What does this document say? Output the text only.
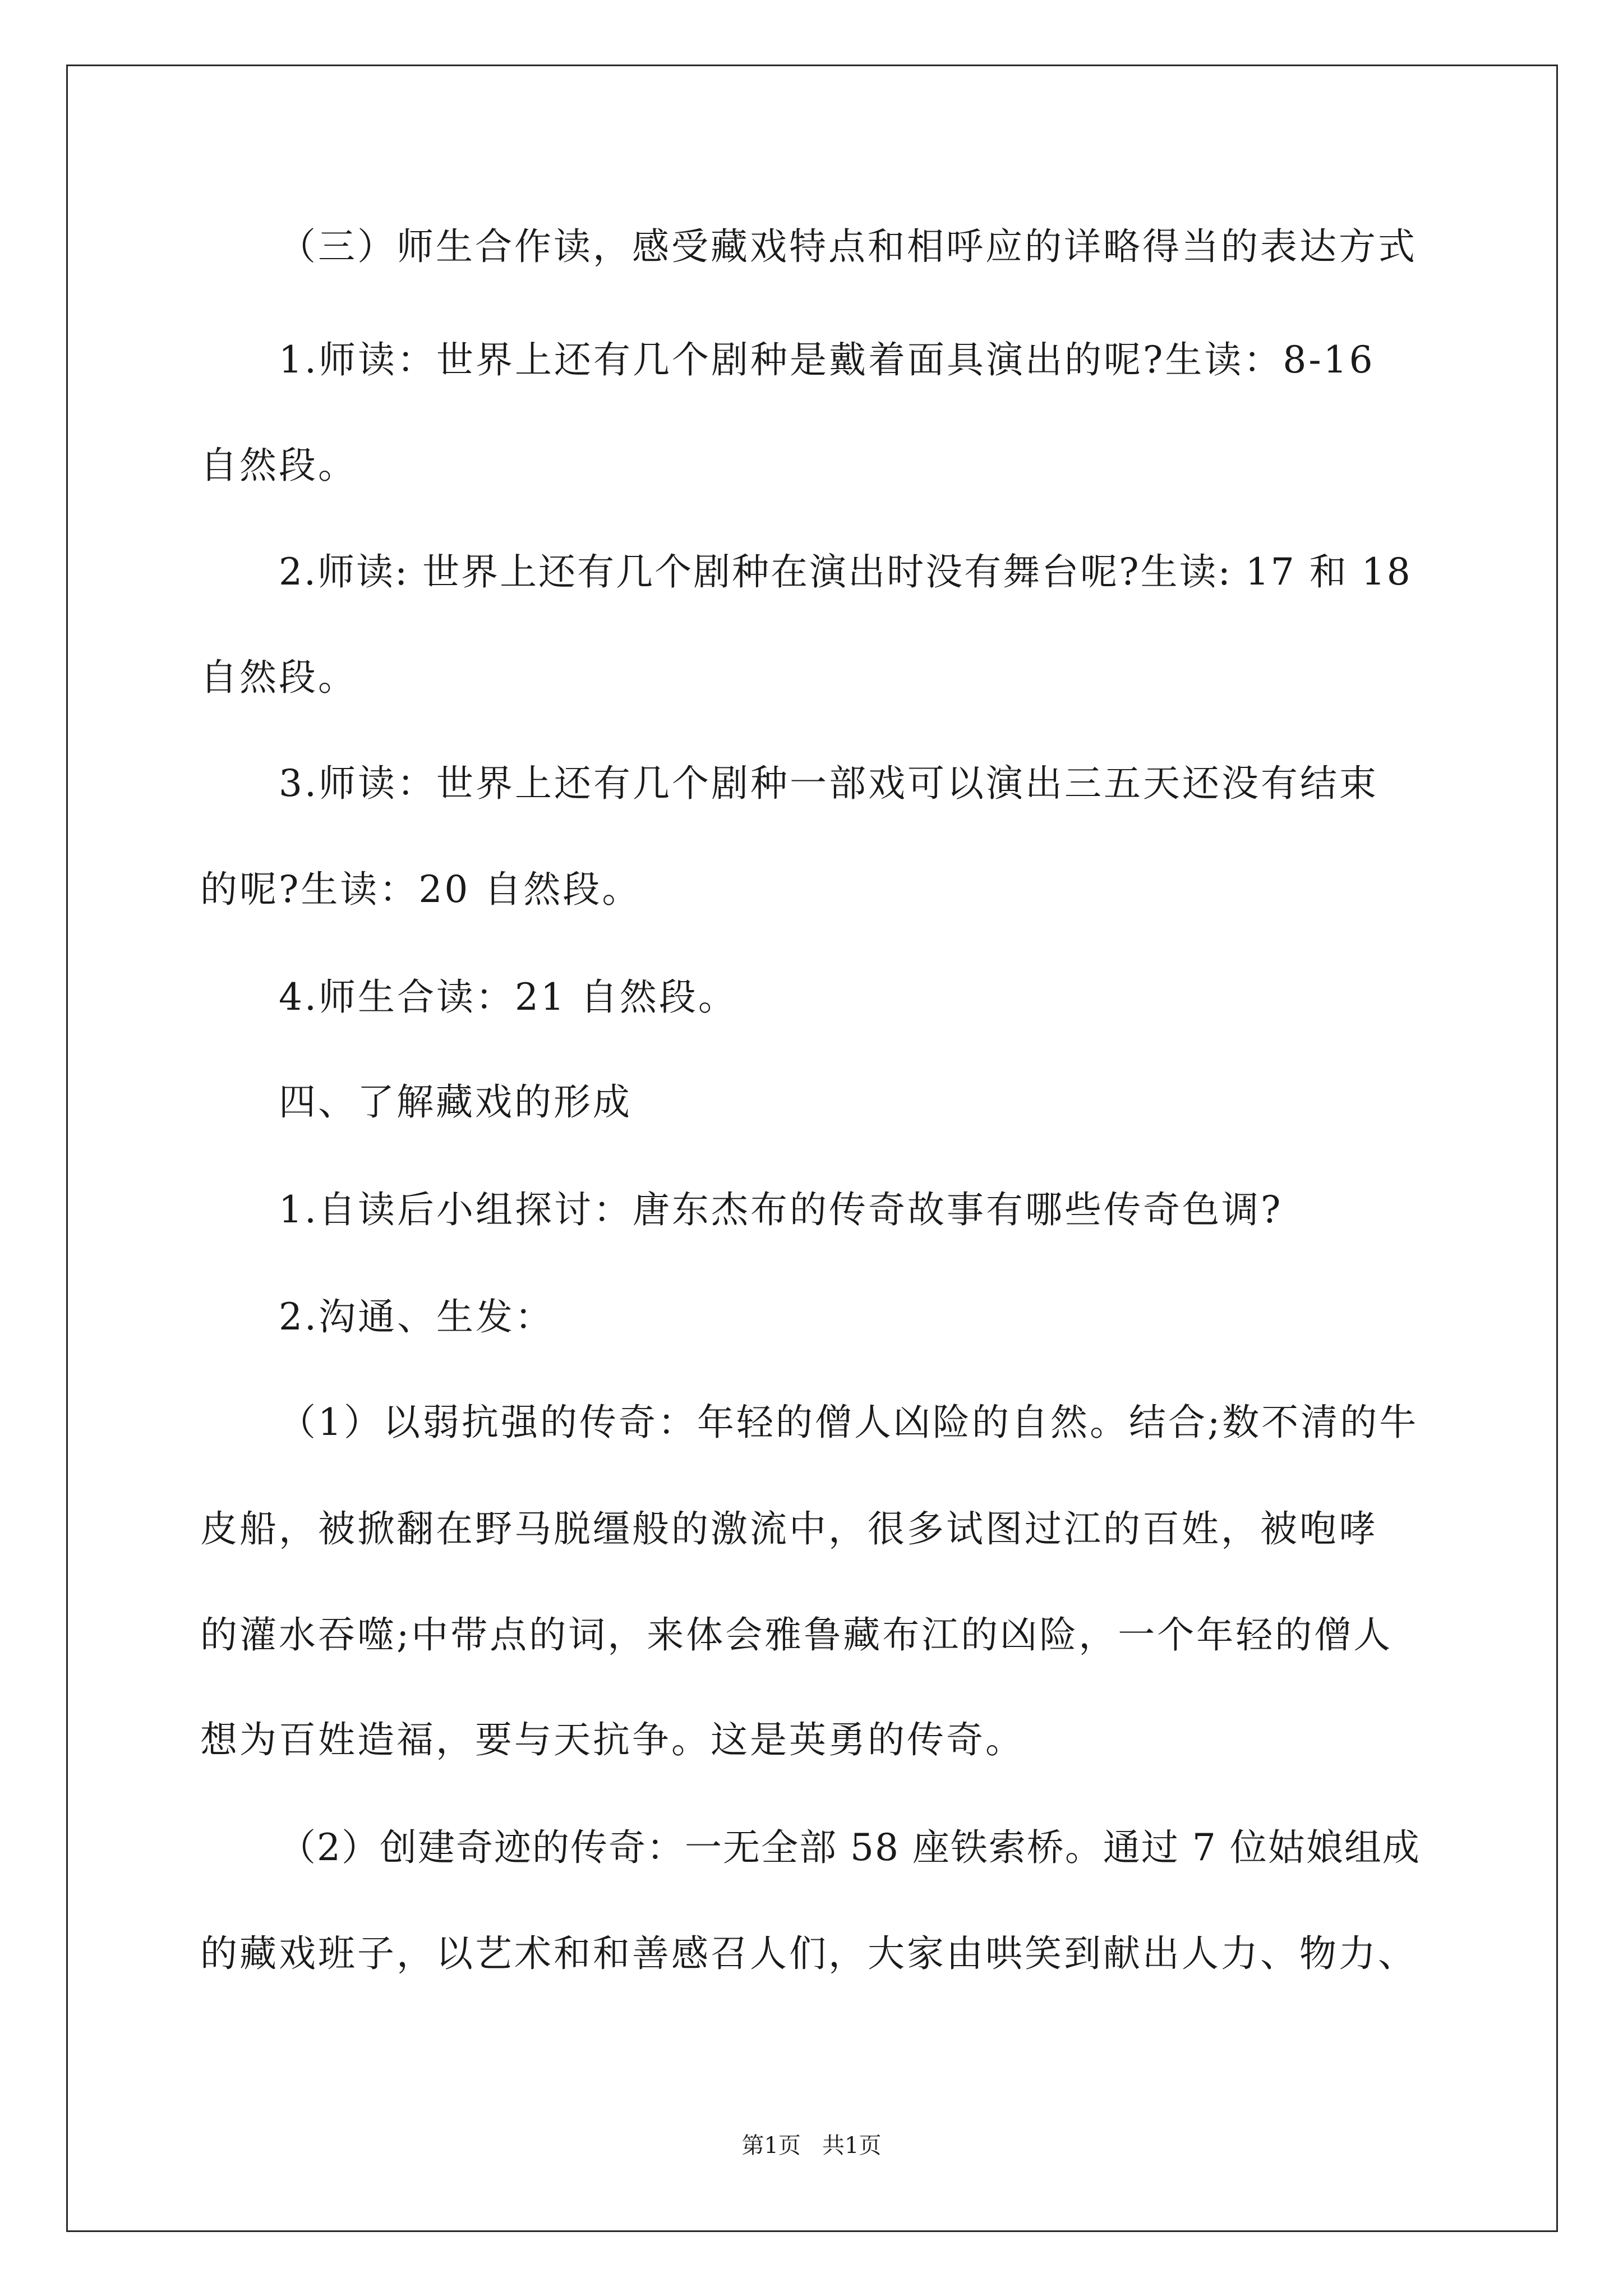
（三）师生合作读，感受藏戏特点和相呼应的详略得当的表达方式
1.师读：世界上还有几个剧种是戴着面具演出的呢?生读：8-16
自然段。
2.师读: 世界上还有几个剧种在演出时没有舞台呢?生读: 17 和 18
自然段。
3.师读：世界上还有几个剧种一部戏可以演出三五天还没有结束
的呢?生读：20 自然段。
4.师生合读：21 自然段。
四、了解藏戏的形成
1.自读后小组探讨：唐东杰布的传奇故事有哪些传奇色调?
2.沟通、生发：
（1）以弱抗强的传奇：年轻的僧人凶险的自然。结合;数不清的牛
皮船，被掀翻在野马脱缰般的激流中，很多试图过江的百姓，被咆哮
的灌水吞噬;中带点的词，来体会雅鲁藏布江的凶险，一个年轻的僧人
想为百姓造福，要与天抗争。这是英勇的传奇。
（2）创建奇迹的传奇：一无全部 58 座铁索桥。通过 7 位姑娘组成
的藏戏班子，以艺术和和善感召人们，大家由哄笑到献出人力、物力、
第1页   共1页
